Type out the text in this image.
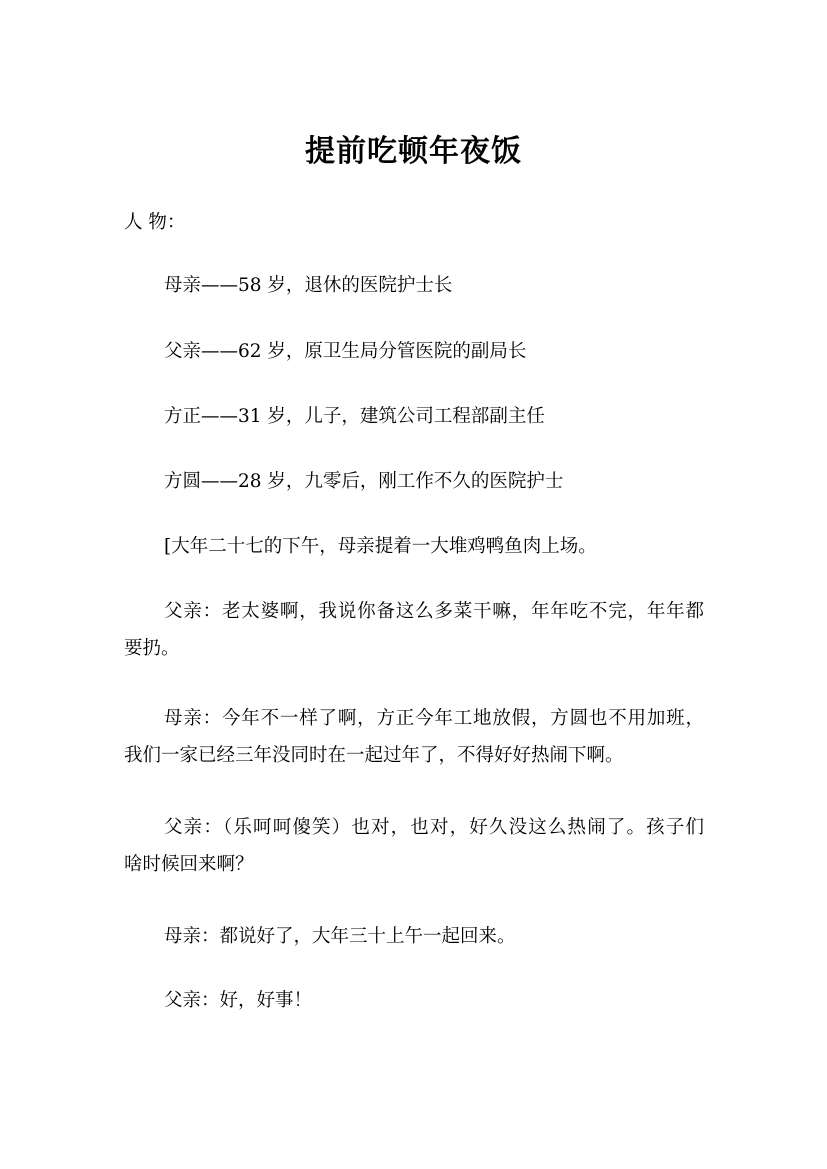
提前吃顿年夜饭

人 物：

母亲——58 岁，退休的医院护士长

父亲——62 岁，原卫生局分管医院的副局长

方正——31 岁，儿子，建筑公司工程部副主任

方圆——28 岁，九零后，刚工作不久的医院护士

[大年二十七的下午，母亲提着一大堆鸡鸭鱼肉上场。

父亲：老太婆啊，我说你备这么多菜干嘛，年年吃不完，年年都
要扔。
母亲：今年不一样了啊，方正今年工地放假，方圆也不用加班，
我们一家已经三年没同时在一起过年了，不得好好热闹下啊。
父亲：（乐呵呵傻笑）也对，也对，好久没这么热闹了。孩子们
啥时候回来啊？

母亲：都说好了，大年三十上午一起回来。

父亲：好，好事！
